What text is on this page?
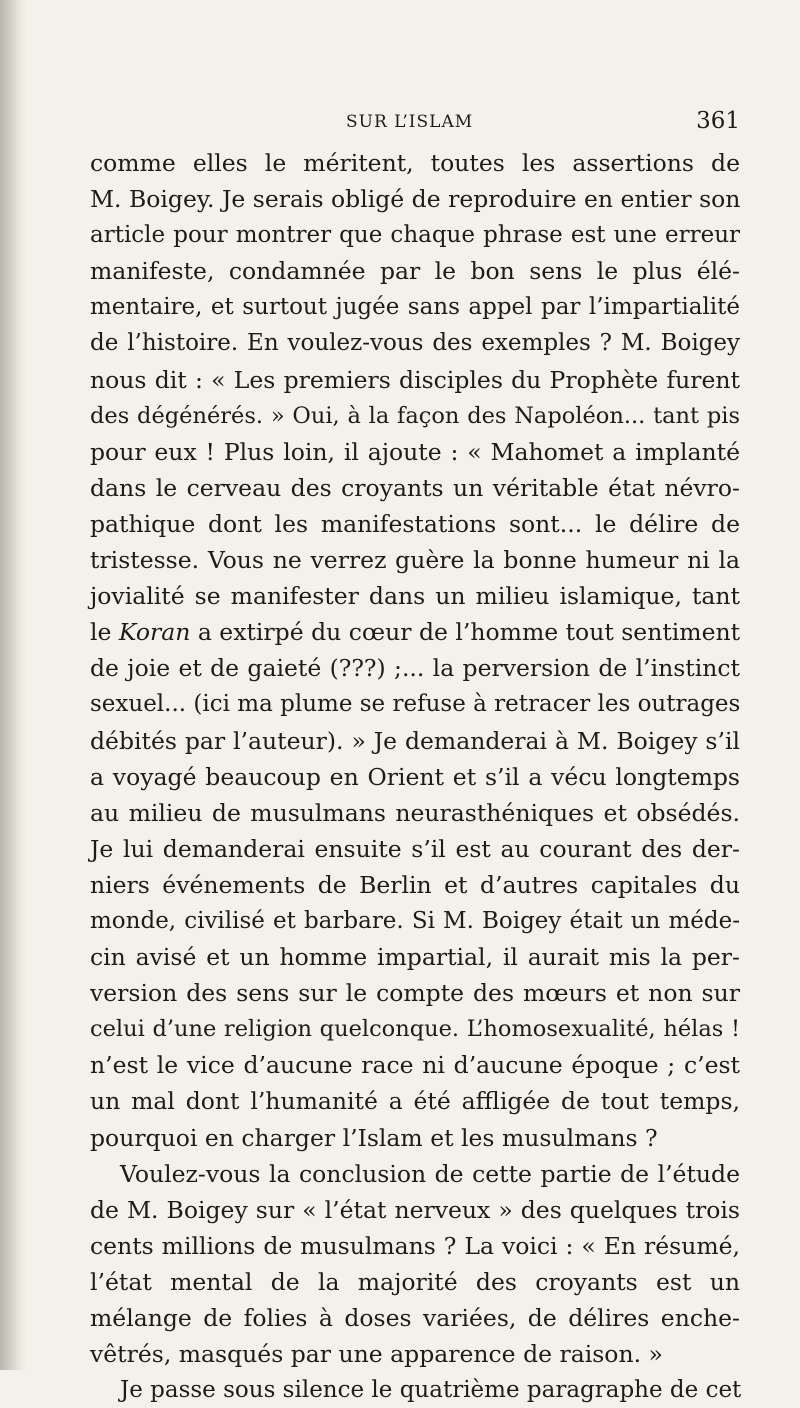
SUR L’ISLAM	361
comme elles le méritent, toutes les assertions de
M. Boigey. Je serais obligé de reproduire en entier son
article pour montrer que chaque phrase est une erreur
manifeste, condamnée par le bon sens le plus élé-
mentaire, et surtout jugée sans appel par l’impartialité
de l’histoire. En voulez-vous des exemples ? M. Boigey
nous dit : « Les premiers disciples du Prophète furent
des dégénérés. » Oui, à la façon des Napoléon... tant pis
pour eux ! Plus loin, il ajoute : « Mahomet a implanté
dans le cerveau des croyants un véritable état névro-
pathique dont les manifestations sont... le délire de
tristesse. Vous ne verrez guère la bonne humeur ni la
jovialité se manifester dans un milieu islamique, tant
le Koran a extirpé du cœur de l’homme tout sentiment
de joie et de gaieté (???) ;... la perversion de l’instinct
sexuel... (ici ma plume se refuse à retracer les outrages
débités par l’auteur). » Je demanderai à M. Boigey s’il
a voyagé beaucoup en Orient et s’il a vécu longtemps
au milieu de musulmans neurasthéniques et obsédés.
Je lui demanderai ensuite s’il est au courant des der-
niers événements de Berlin et d’autres capitales du
monde, civilisé et barbare. Si M. Boigey était un méde-
cin avisé et un homme impartial, il aurait mis la per-
version des sens sur le compte des mœurs et non sur
celui d’une religion quelconque. L’homosexualité, hélas !
n’est le vice d’aucune race ni d’aucune époque ; c’est
un mal dont l’humanité a été affligée de tout temps,
pourquoi en charger l’Islam et les musulmans ?
Voulez-vous la conclusion de cette partie de l’étude
de M. Boigey sur « l’état nerveux » des quelques trois
cents millions de musulmans ? La voici : « En résumé,
l’état mental de la majorité des croyants est un
mélange de folies à doses variées, de délires enche-
vêtrés, masqués par une apparence de raison. »
Je passe sous silence le quatrième paragraphe de cet
